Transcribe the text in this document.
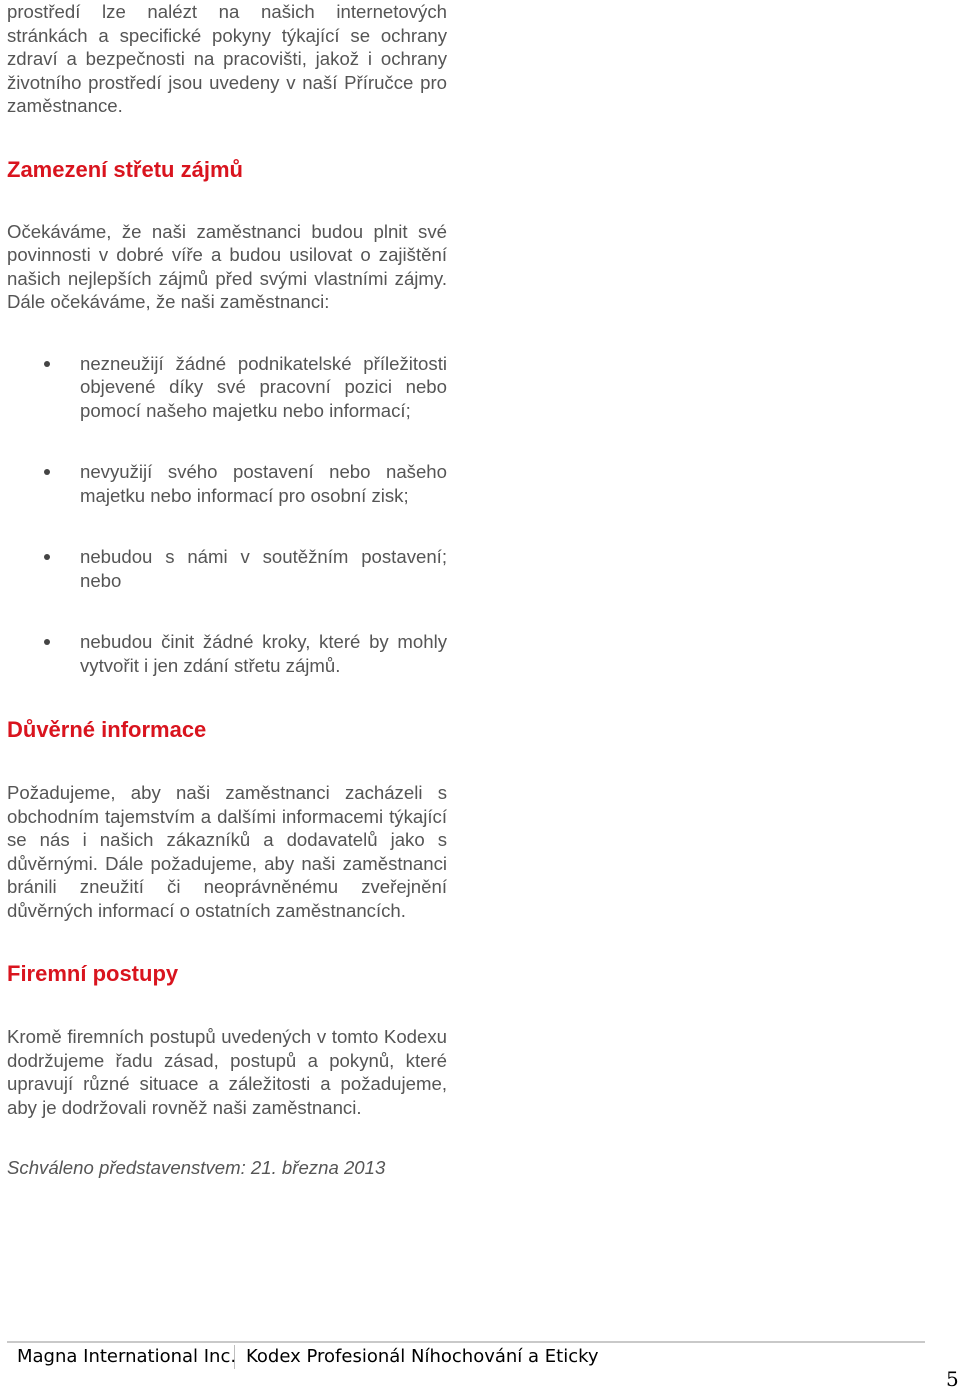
prostředí lze nalézt na našich internetových stránkách a specifické pokyny týkající se ochrany zdraví a bezpečnosti na pracovišti, jakož i ochrany životního prostředí jsou uvedeny v naší Příručce pro zaměstnance.

Zamezení střetu zájmů

Očekáváme, že naši zaměstnanci budou plnit své povinnosti v dobré víře a budou usilovat o zajištění našich nejlepších zájmů před svými vlastními zájmy. Dále očekáváme, že naši zaměstnanci:

nezneužijí žádné podnikatelské příležitosti objevené díky své pracovní pozici nebo pomocí našeho majetku nebo informací;

nevyužijí svého postavení nebo našeho majetku nebo informací pro osobní zisk;

nebudou s námi v soutěžním postavení; nebo

nebudou činit žádné kroky, které by mohly vytvořit i jen zdání střetu zájmů.

Důvěrné informace

Požadujeme, aby naši zaměstnanci zacházeli s obchodním tajemstvím a dalšími informacemi týkající se nás i našich zákazníků a dodavatelů jako s důvěrnými. Dále požadujeme, aby naši zaměstnanci bránili zneužití či neoprávněnému zveřejnění důvěrných informací o ostatních zaměstnancích.

Firemní postupy

Kromě firemních postupů uvedených v tomto Kodexu dodržujeme řadu zásad, postupů a pokynů, které upravují různé situace a záležitosti a požadujeme, aby je dodržovali rovněž naši zaměstnanci.

Schváleno představenstvem: 21. března 2013

Magna International Inc. Kodex Profesionál Níhochování a Eticky
5
